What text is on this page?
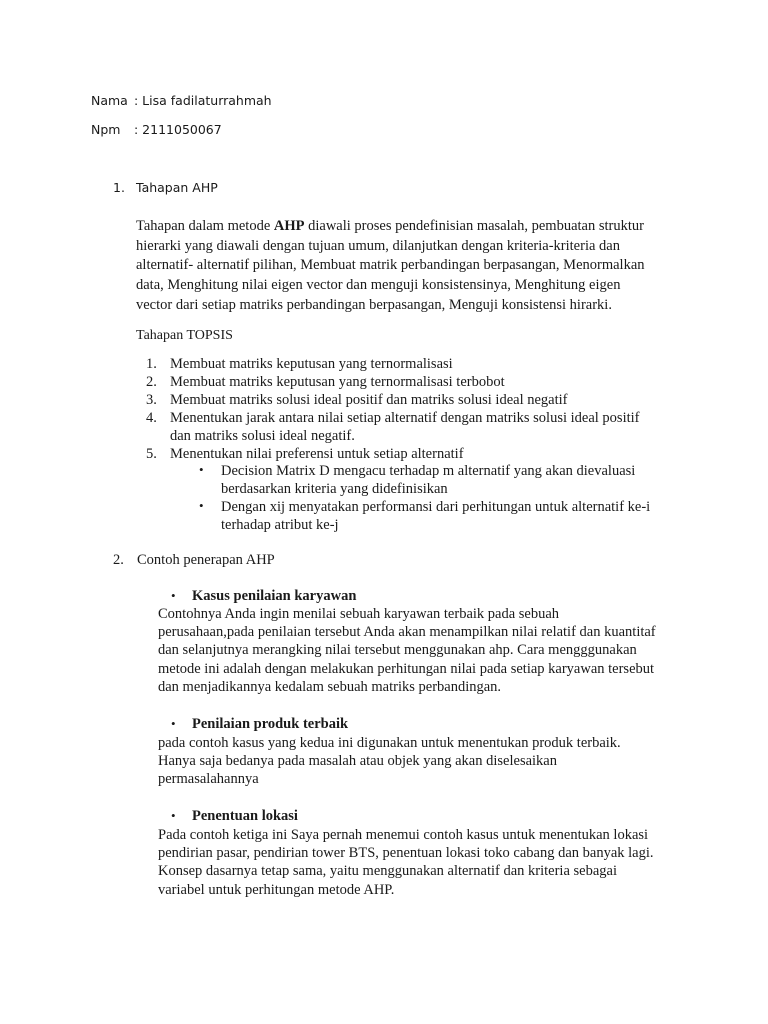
Nama : Lisa fadilaturrahmah
Npm : 2111050067
1. Tahapan AHP
Tahapan dalam metode AHP diawali proses pendefinisian masalah, pembuatan struktur
hierarki yang diawali dengan tujuan umum, dilanjutkan dengan kriteria-kriteria dan
alternatif- alternatif pilihan, Membuat matrik perbandingan berpasangan, Menormalkan
data, Menghitung nilai eigen vector dan menguji konsistensinya, Menghitung eigen
vector dari setiap matriks perbandingan berpasangan, Menguji konsistensi hirarki.
Tahapan TOPSIS
1.
2.
3.
4.

5.
Membuat matriks keputusan yang ternormalisasi
Membuat matriks keputusan yang ternormalisasi terbobot
Membuat matriks solusi ideal positif dan matriks solusi ideal negatif
Menentukan jarak antara nilai setiap alternatif dengan matriks solusi ideal positif
dan matriks solusi ideal negatif.
Menentukan nilai preferensi untuk setiap alternatif
• Decision Matrix D mengacu terhadap m alternatif yang akan dievaluasi
berdasarkan kriteria yang didefinisikan
• Dengan xij menyatakan performansi dari perhitungan untuk alternatif ke-i
terhadap atribut ke-j
2. Contoh penerapan AHP
• Kasus penilaian karyawan
Contohnya Anda ingin menilai sebuah karyawan terbaik pada sebuah
perusahaan,pada penilaian tersebut Anda akan menampilkan nilai relatif dan kuantitaf
dan selanjutnya merangking nilai tersebut menggunakan ahp. Cara mengggunakan
metode ini adalah dengan melakukan perhitungan nilai pada setiap karyawan tersebut
dan menjadikannya kedalam sebuah matriks perbandingan.
• Penilaian produk terbaik
pada contoh kasus yang kedua ini digunakan untuk menentukan produk terbaik.
Hanya saja bedanya pada masalah atau objek yang akan diselesaikan
permasalahannya
• Penentuan lokasi
Pada contoh ketiga ini Saya pernah menemui contoh kasus untuk menentukan lokasi
pendirian pasar, pendirian tower BTS, penentuan lokasi toko cabang dan banyak lagi.
Konsep dasarnya tetap sama, yaitu menggunakan alternatif dan kriteria sebagai
variabel untuk perhitungan metode AHP.
